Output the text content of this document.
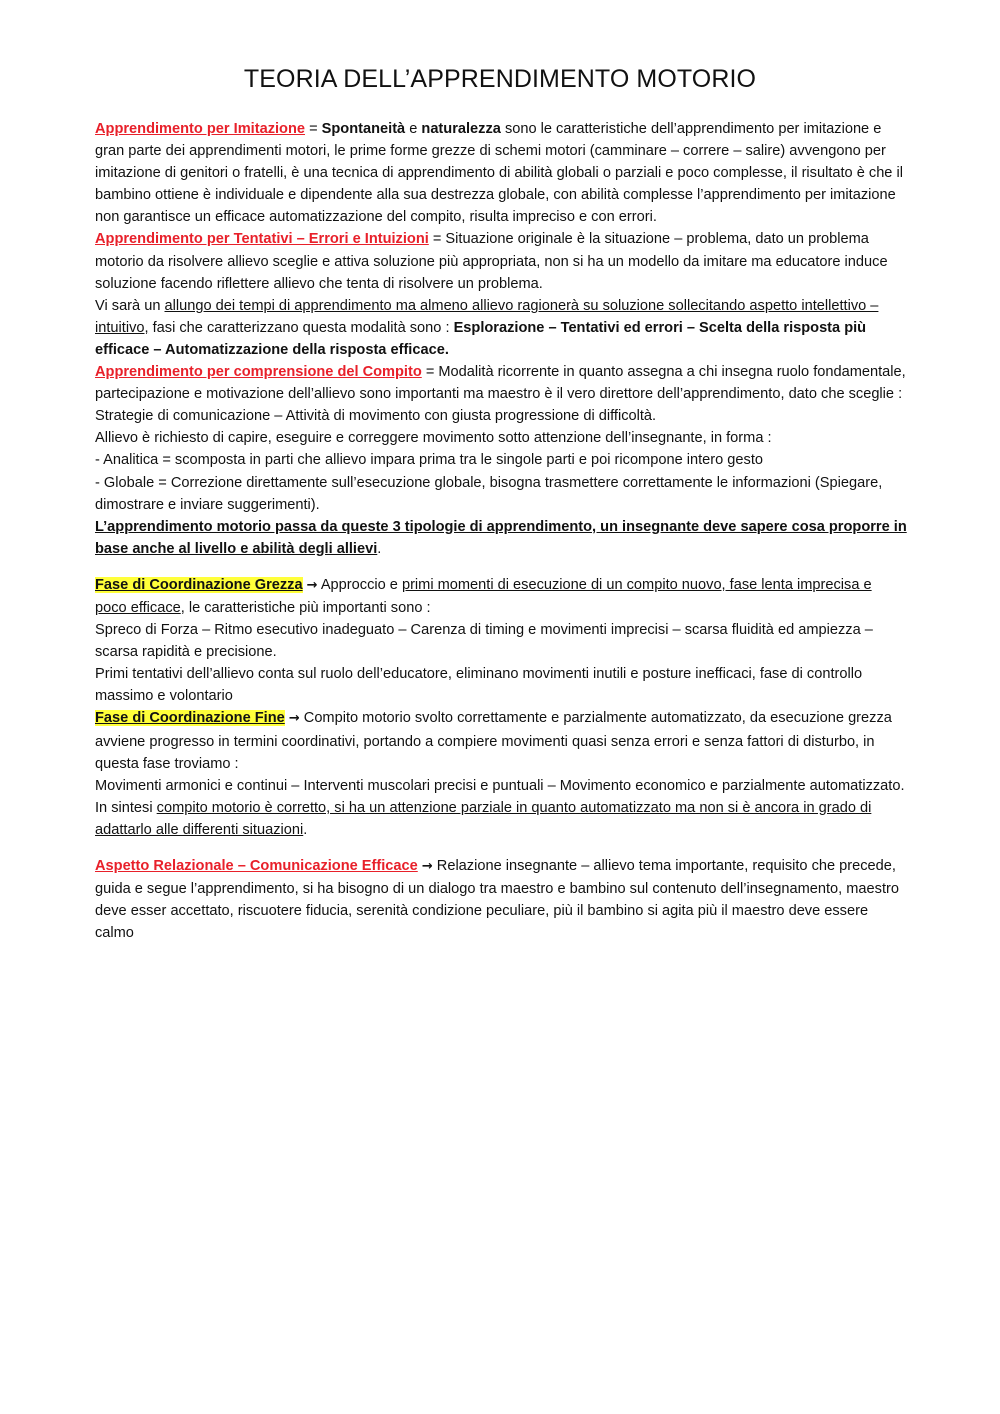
TEORIA DELL’APPRENDIMENTO MOTORIO

Apprendimento per Imitazione = Spontaneità e naturalezza sono le caratteristiche dell’apprendimento per imitazione e gran parte dei apprendimenti motori, le prime forme grezze di schemi motori (camminare – correre – salire) avvengono per imitazione di genitori o fratelli, è una tecnica di apprendimento di abilità globali o parziali e poco complesse, il risultato è che il bambino ottiene è individuale e dipendente alla sua destrezza globale, con abilità complesse l’apprendimento per imitazione non garantisce un efficace automatizzazione del compito, risulta impreciso e con errori.

Apprendimento per Tentativi – Errori e Intuizioni = Situazione originale è la situazione – problema, dato un problema motorio da risolvere allievo sceglie e attiva soluzione più appropriata, non si ha un modello da imitare ma educatore induce soluzione facendo riflettere allievo che tenta di risolvere un problema.

Vi sarà un allungo dei tempi di apprendimento ma almeno allievo ragionerà su soluzione sollecitando aspetto intellettivo – intuitivo, fasi che caratterizzano questa modalità sono : Esplorazione – Tentativi ed errori – Scelta della risposta più efficace – Automatizzazione della risposta efficace.

Apprendimento per comprensione del Compito = Modalità ricorrente in quanto assegna a chi insegna ruolo fondamentale, partecipazione e motivazione dell’allievo sono importanti ma maestro è il vero direttore dell’apprendimento, dato che sceglie : Strategie di comunicazione – Attività di movimento con giusta progressione di difficoltà.

Allievo è richiesto di capire, eseguire e correggere movimento sotto attenzione dell’insegnante, in forma :

- Analitica = scomposta in parti che allievo impara prima tra le singole parti e poi ricompone intero gesto

- Globale = Correzione direttamente sull’esecuzione globale, bisogna trasmettere correttamente le informazioni (Spiegare, dimostrare e inviare suggerimenti).

L’apprendimento motorio passa da queste 3 tipologie di apprendimento, un insegnante deve sapere cosa proporre in base anche al livello e abilità degli allievi.

Fase di Coordinazione Grezza → Approccio e primi momenti di esecuzione di un compito nuovo, fase lenta imprecisa e poco efficace, le caratteristiche più importanti sono :

Spreco di Forza – Ritmo esecutivo inadeguato – Carenza di timing e movimenti imprecisi – scarsa fluidità ed ampiezza – scarsa rapidità e precisione.

Primi tentativi dell’allievo conta sul ruolo dell’educatore, eliminano movimenti inutili e posture inefficaci, fase di controllo massimo e volontario

Fase di Coordinazione Fine → Compito motorio svolto correttamente e parzialmente automatizzato, da esecuzione grezza avviene progresso in termini coordinativi, portando a compiere movimenti quasi senza errori e senza fattori di disturbo, in questa fase troviamo :

Movimenti armonici e continui – Interventi muscolari precisi e puntuali – Movimento economico e parzialmente automatizzato.

In sintesi compito motorio è corretto, si ha un attenzione parziale in quanto automatizzato ma non si è ancora in grado di adattarlo alle differenti situazioni.

Aspetto Relazionale – Comunicazione Efficace → Relazione insegnante – allievo tema importante, requisito che precede, guida e segue l’apprendimento, si ha bisogno di un dialogo tra maestro e bambino sul contenuto dell’insegnamento, maestro deve esser accettato, riscuotere fiducia, serenità condizione peculiare, più il bambino si agita più il maestro deve essere calmo
